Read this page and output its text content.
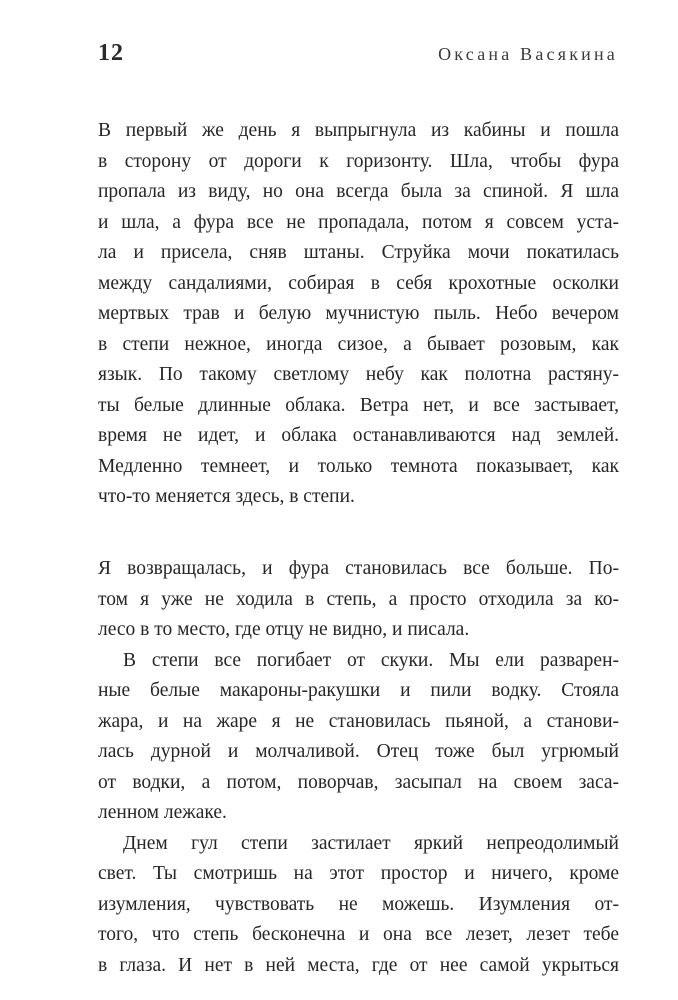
12	Оксана Васякина
В первый же день я выпрыгнула из кабины и пошла
в сторону от дороги к горизонту. Шла, чтобы фура
пропала из виду, но она всегда была за спиной. Я шла
и шла, а фура все не пропадала, потом я совсем уста-
ла и присела, сняв штаны. Струйка мочи покатилась
между сандалиями, собирая в себя крохотные осколки
мертвых трав и белую мучнистую пыль. Небо вечером
в степи нежное, иногда сизое, а бывает розовым, как
язык. По такому светлому небу как полотна растяну-
ты белые длинные облака. Ветра нет, и все застывает,
время не идет, и облака останавливаются над землей.
Медленно темнеет, и только темнота показывает, как
что-то меняется здесь, в степи.
Я возвращалась, и фура становилась все больше. По-
том я уже не ходила в степь, а просто отходила за ко-
лесо в то место, где отцу не видно, и писала.
В степи все погибает от скуки. Мы ели разварен-
ные белые макароны-ракушки и пили водку. Стояла
жара, и на жаре я не становилась пьяной, а станови-
лась дурной и молчаливой. Отец тоже был угрюмый
от водки, а потом, поворчав, засыпал на своем заса-
ленном лежаке.
Днем гул степи застилает яркий непреодолимый
свет. Ты смотришь на этот простор и ничего, кроме
изумления, чувствовать не можешь. Изумления от-
того, что степь бесконечна и она все лезет, лезет тебе
в глаза. И нет в ней места, где от нее самой укрыться
